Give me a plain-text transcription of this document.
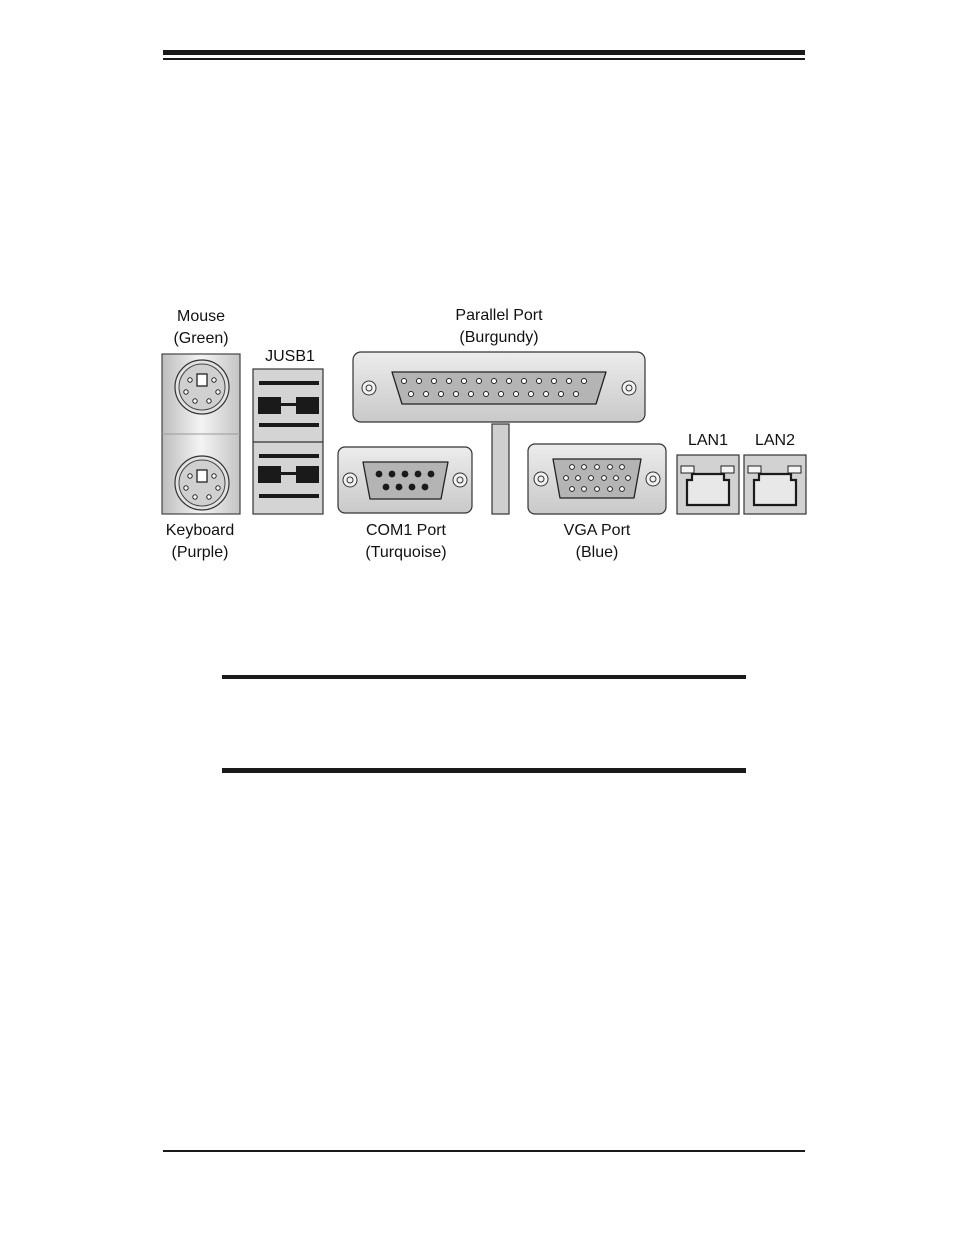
Mouse
(Green)
JUSB1
Parallel Port
(Burgundy)
LAN1	LAN2
Keyboard
(Purple)
COM1 Port
(Turquoise)
VGA Port
(Blue)
